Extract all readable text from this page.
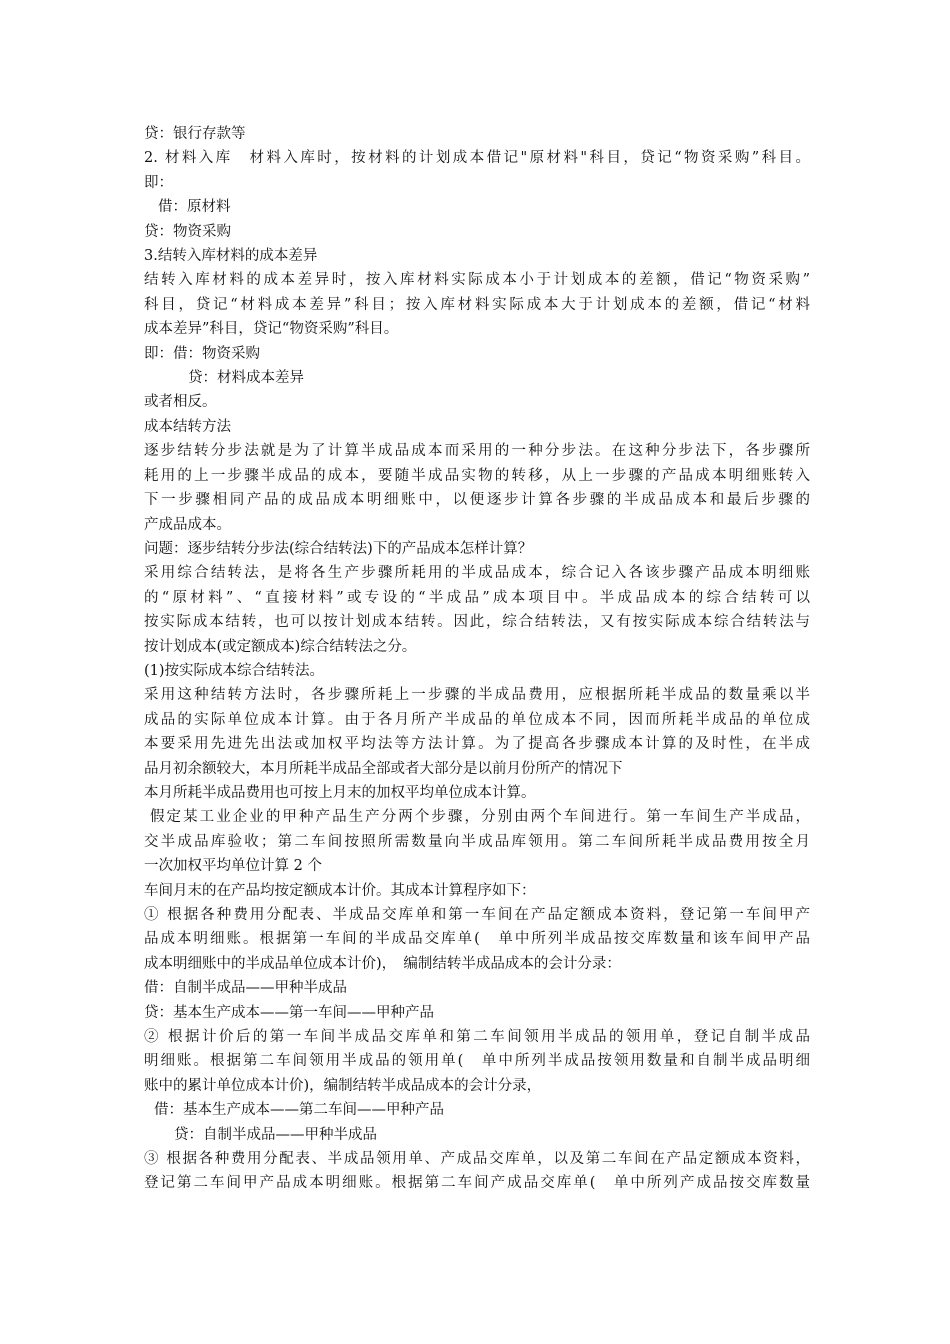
贷：银行存款等
2. 材料入库　材料入库时，按材料的计划成本借记"原材料"科目，贷记“物资采购”科目。
即：
借：原材料
贷：物资采购
3.结转入库材料的成本差异
结转入库材料的成本差异时，按入库材料实际成本小于计划成本的差额，借记“物资采购”
科目，贷记“材料成本差异”科目；按入库材料实际成本大于计划成本的差额，借记“材料
成本差异”科目，贷记“物资采购”科目。
即：借：物资采购
贷：材料成本差异
或者相反。
成本结转方法
逐步结转分步法就是为了计算半成品成本而采用的一种分步法。在这种分步法下，各步骤所
耗用的上一步骤半成品的成本，要随半成品实物的转移，从上一步骤的产品成本明细账转入
下一步骤相同产品的成品成本明细账中，以便逐步计算各步骤的半成品成本和最后步骤的
产成品成本。
问题：逐步结转分步法(综合结转法)下的产品成本怎样计算？
采用综合结转法，是将各生产步骤所耗用的半成品成本，综合记入各该步骤产品成本明细账
的“原材料”、“直接材料”或专设的“半成品”成本项目中。半成品成本的综合结转可以
按实际成本结转，也可以按计划成本结转。因此，综合结转法，又有按实际成本综合结转法与
按计划成本(或定额成本)综合结转法之分。
(1)按实际成本综合结转法。
采用这种结转方法时，各步骤所耗上一步骤的半成品费用，应根据所耗半成品的数量乘以半
成品的实际单位成本计算。由于各月所产半成品的单位成本不同，因而所耗半成品的单位成
本要采用先进先出法或加权平均法等方法计算。为了提高各步骤成本计算的及时性，在半成
品月初余额较大，本月所耗半成品全部或者大部分是以前月份所产的情况下
本月所耗半成品费用也可按上月末的加权平均单位成本计算。
假定某工业企业的甲种产品生产分两个步骤，分别由两个车间进行。第一车间生产半成品，
交半成品库验收；第二车间按照所需数量向半成品库领用。第二车间所耗半成品费用按全月
一次加权平均单位计算 2 个
车间月末的在产品均按定额成本计价。其成本计算程序如下：
① 根据各种费用分配表、半成品交库单和第一车间在产品定额成本资料，登记第一车间甲产
品成本明细账。根据第一车间的半成品交库单(　单中所列半成品按交库数量和该车间甲产品
成本明细账中的半成品单位成本计价)，　编制结转半成品成本的会计分录：
借：自制半成品——甲种半成品
贷：基本生产成本——第一车间——甲种产品
② 根据计价后的第一车间半成品交库单和第二车间领用半成品的领用单，登记自制半成品
明细账。根据第二车间领用半成品的领用单(　单中所列半成品按领用数量和自制半成品明细
账中的累计单位成本计价)，编制结转半成品成本的会计分录，
借：基本生产成本——第二车间——甲种产品
贷：自制半成品——甲种半成品
③ 根据各种费用分配表、半成品领用单、产成品交库单，以及第二车间在产品定额成本资料，
登记第二车间甲产品成本明细账。根据第二车间产成品交库单(　单中所列产成品按交库数量
